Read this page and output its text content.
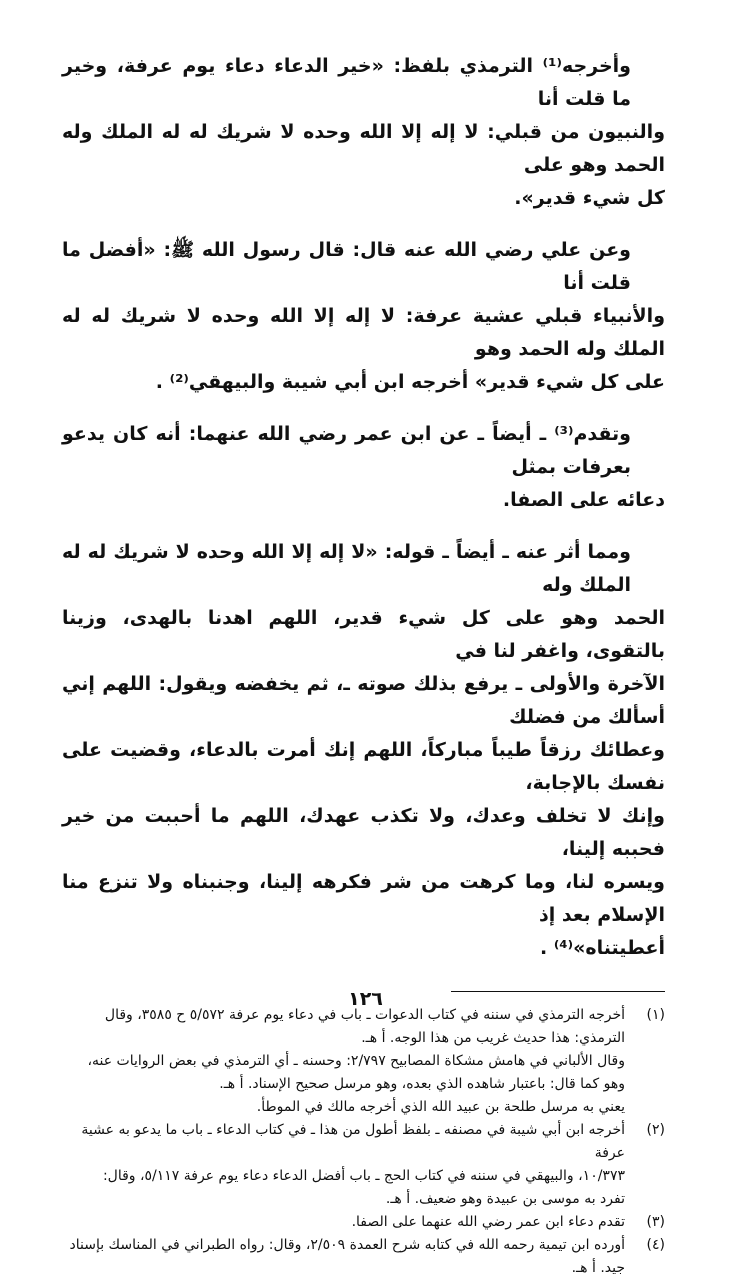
وأخرجه⁽¹⁾ الترمذي بلفظ: «خير الدعاء دعاء يوم عرفة، وخير ما قلت أنا
والنبيون من قبلي: لا إله إلا الله وحده لا شريك له له الملك وله الحمد وهو على
كل شيء قدير».
وعن علي رضي الله عنه قال: قال رسول الله ﷺ: «أفضل ما قلت أنا
والأنبياء قبلي عشية عرفة: لا إله إلا الله وحده لا شريك له له الملك وله الحمد وهو
على كل شيء قدير» أخرجه ابن أبي شيبة والبيهقي⁽²⁾ .
وتقدم⁽³⁾ ـ أيضاً ـ عن ابن عمر رضي الله عنهما: أنه كان يدعو بعرفات بمثل
دعائه على الصفا.
ومما أثر عنه ـ أيضاً ـ قوله: «لا إله إلا الله وحده لا شريك له له الملك وله
الحمد وهو على كل شيء قدير، اللهم اهدنا بالهدى، وزينا بالتقوى، واغفر لنا في
الآخرة والأولى ـ يرفع بذلك صوته ـ، ثم يخفضه ويقول: اللهم إني أسألك من فضلك
وعطائك رزقاً طيباً مباركاً، اللهم إنك أمرت بالدعاء، وقضيت على نفسك بالإجابة،
وإنك لا تخلف وعدك، ولا تكذب عهدك، اللهم ما أحببت من خير فحببه إلينا،
ويسره لنا، وما كرهت من شر فكرهه إلينا، وجنبناه ولا تنزع منا الإسلام بعد إذ
أعطيتناه»⁽⁴⁾ .
(١)
أخرجه الترمذي في سننه في كتاب الدعوات ـ باب في دعاء يوم عرفة ٥/٥٧٢ ح ٣٥٨٥، وقال
الترمذي: هذا حديث غريب من هذا الوجه. أ هـ.
وقال الألباني في هامش مشكاة المصابيح ٢/٧٩٧: وحسنه ـ أي الترمذي في بعض الروايات عنه،
وهو كما قال: باعتبار شاهده الذي بعده، وهو مرسل صحيح الإسناد. أ هـ.
يعني به مرسل طلحة بن عبيد الله الذي أخرجه مالك في الموطأ.
(٢)
أخرجه ابن أبي شيبة في مصنفه ـ بلفظ أطول من هذا ـ في كتاب الدعاء ـ باب ما يدعو به عشية عرفة
١٠/٣٧٣، والبيهقي في سننه في كتاب الحج ـ باب أفضل الدعاء دعاء يوم عرفة ٥/١١٧، وقال:
تفرد به موسى بن عبيدة وهو ضعيف. أ هـ.
(٣)
تقدم دعاء ابن عمر رضي الله عنهما على الصفا.
(٤)
أورده ابن تيمية رحمه الله في كتابه شرح العمدة ٢/٥٠٩، وقال: رواه الطبراني في المناسك بإسناد
جيد. أ هـ.
١٢٦
